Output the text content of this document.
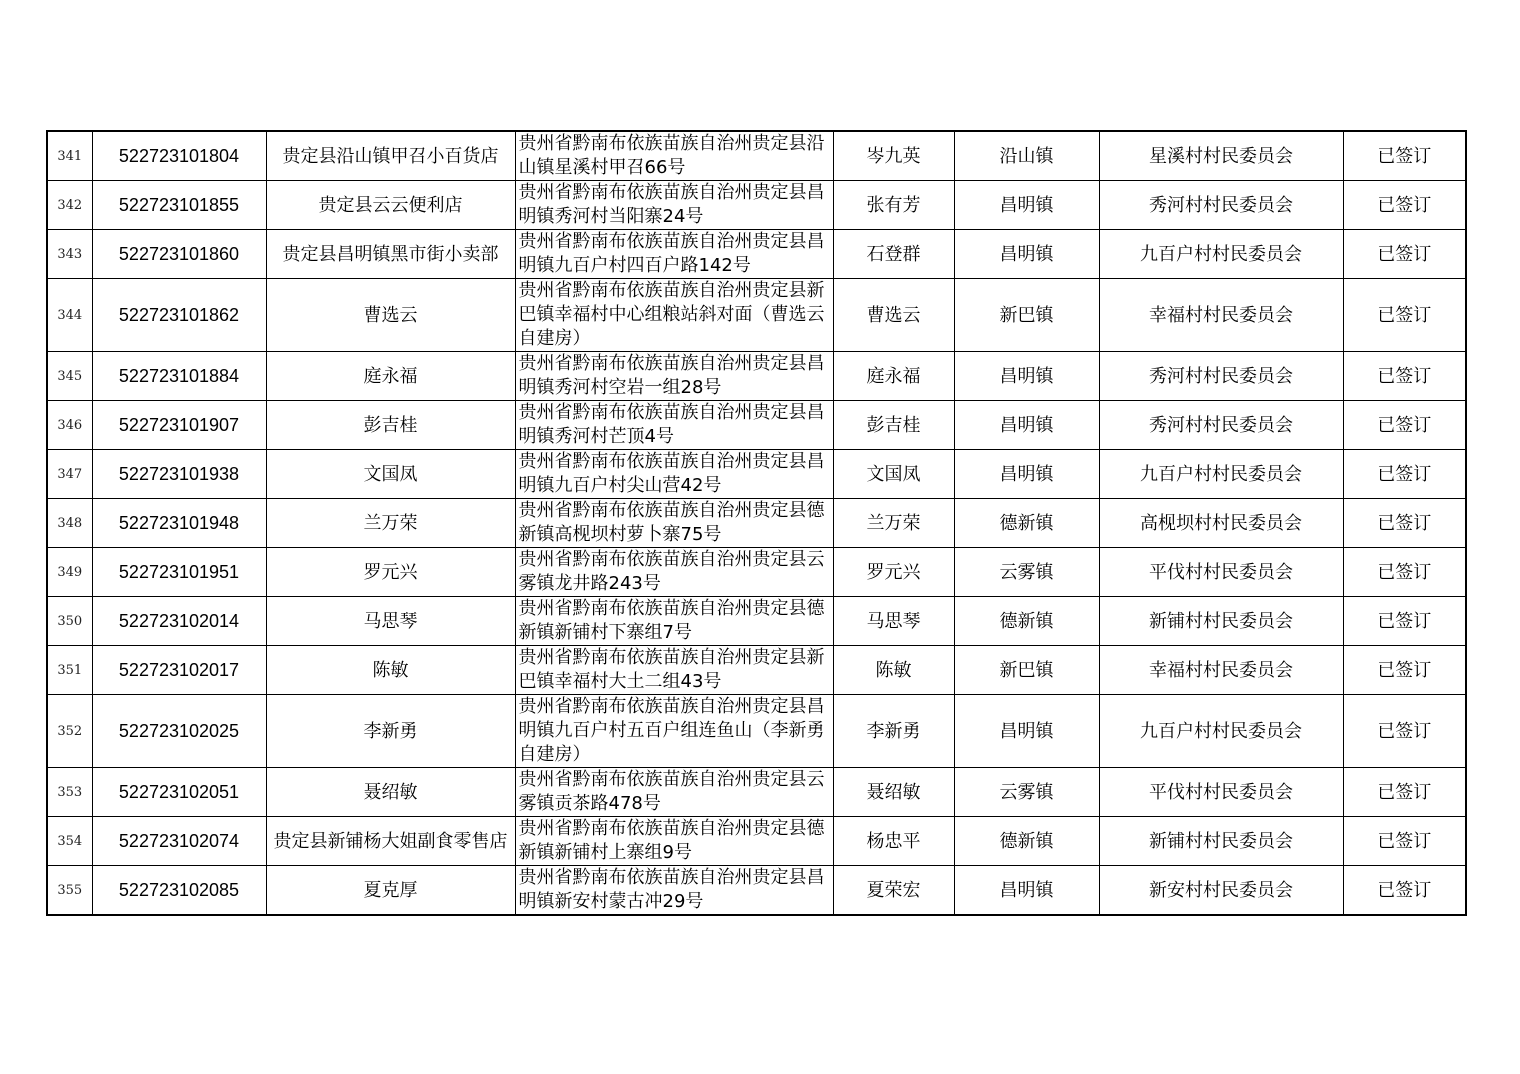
341	522723101804	贵定县沿山镇甲召小百货店	贵州省黔南布依族苗族自治州贵定县沿山镇星溪村甲召66号	岑九英	沿山镇	星溪村村民委员会	已签订
342	522723101855	贵定县云云便利店	贵州省黔南布依族苗族自治州贵定县昌明镇秀河村当阳寨24号	张有芳	昌明镇	秀河村村民委员会	已签订
343	522723101860	贵定县昌明镇黑市街小卖部	贵州省黔南布依族苗族自治州贵定县昌明镇九百户村四百户路142号	石登群	昌明镇	九百户村村民委员会	已签订
344	522723101862	曹选云	贵州省黔南布依族苗族自治州贵定县新巴镇幸福村中心组粮站斜对面（曹选云自建房）	曹选云	新巴镇	幸福村村民委员会	已签订
345	522723101884	庭永福	贵州省黔南布依族苗族自治州贵定县昌明镇秀河村空岩一组28号	庭永福	昌明镇	秀河村村民委员会	已签订
346	522723101907	彭吉桂	贵州省黔南布依族苗族自治州贵定县昌明镇秀河村芒顶4号	彭吉桂	昌明镇	秀河村村民委员会	已签订
347	522723101938	文国凤	贵州省黔南布依族苗族自治州贵定县昌明镇九百户村尖山营42号	文国凤	昌明镇	九百户村村民委员会	已签订
348	522723101948	兰万荣	贵州省黔南布依族苗族自治州贵定县德新镇高枧坝村萝卜寨75号	兰万荣	德新镇	高枧坝村村民委员会	已签订
349	522723101951	罗元兴	贵州省黔南布依族苗族自治州贵定县云雾镇龙井路243号	罗元兴	云雾镇	平伐村村民委员会	已签订
350	522723102014	马思琴	贵州省黔南布依族苗族自治州贵定县德新镇新铺村下寨组7号	马思琴	德新镇	新铺村村民委员会	已签订
351	522723102017	陈敏	贵州省黔南布依族苗族自治州贵定县新巴镇幸福村大土二组43号	陈敏	新巴镇	幸福村村民委员会	已签订
352	522723102025	李新勇	贵州省黔南布依族苗族自治州贵定县昌明镇九百户村五百户组连鱼山（李新勇自建房）	李新勇	昌明镇	九百户村村民委员会	已签订
353	522723102051	聂绍敏	贵州省黔南布依族苗族自治州贵定县云雾镇贡茶路478号	聂绍敏	云雾镇	平伐村村民委员会	已签订
354	522723102074	贵定县新铺杨大姐副食零售店	贵州省黔南布依族苗族自治州贵定县德新镇新铺村上寨组9号	杨忠平	德新镇	新铺村村民委员会	已签订
355	522723102085	夏克厚	贵州省黔南布依族苗族自治州贵定县昌明镇新安村蒙古冲29号	夏荣宏	昌明镇	新安村村民委员会	已签订
